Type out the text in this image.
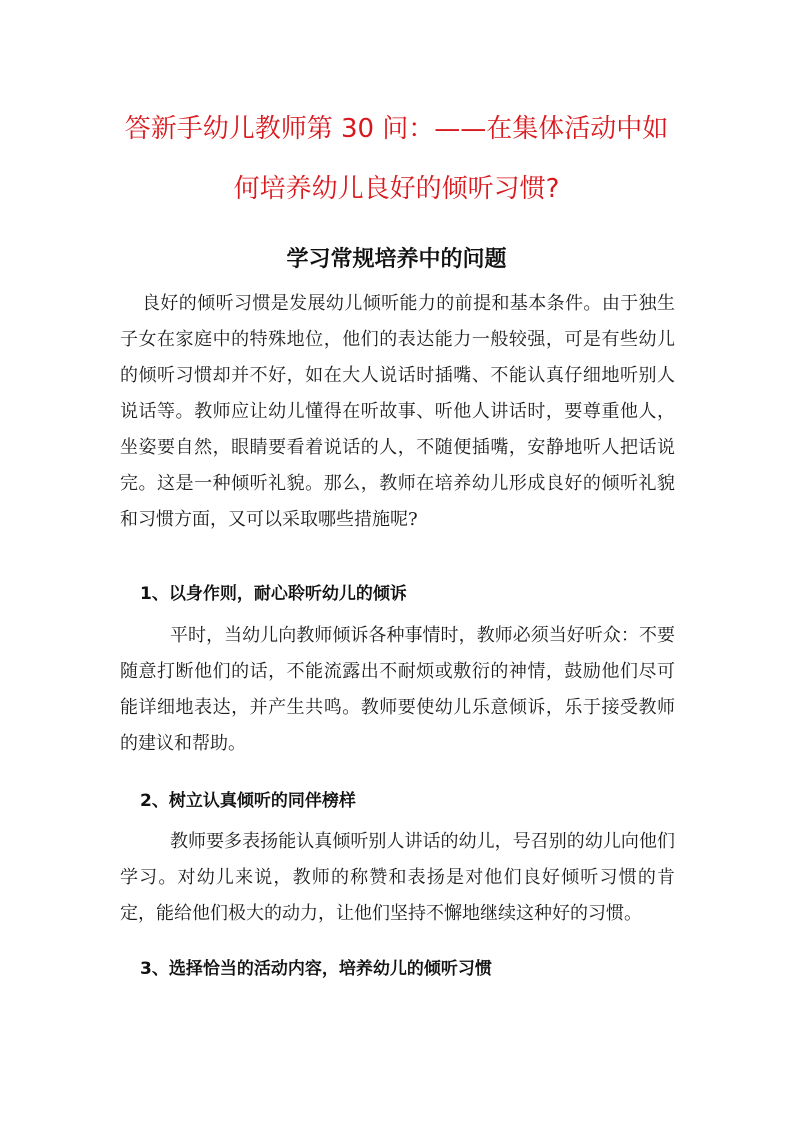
答新手幼儿教师第 30 问：——在集体活动中如
何培养幼儿良好的倾听习惯?
学习常规培养中的问题

良好的倾听习惯是发展幼儿倾听能力的前提和基本条件。由于独生子女在家庭中的特殊地位，他们的表达能力一般较强，可是有些幼儿的倾听习惯却并不好，如在大人说话时插嘴、不能认真仔细地听别人说话等。教师应让幼儿懂得在听故事、听他人讲话时，要尊重他人，坐姿要自然，眼睛要看着说话的人，不随便插嘴，安静地听人把话说完。这是一种倾听礼貌。那么，教师在培养幼儿形成良好的倾听礼貌和习惯方面，又可以采取哪些措施呢?

1、以身作则，耐心聆听幼儿的倾诉

平时，当幼儿向教师倾诉各种事情时，教师必须当好听众：不要随意打断他们的话，不能流露出不耐烦或敷衍的神情，鼓励他们尽可能详细地表达，并产生共鸣。教师要使幼儿乐意倾诉，乐于接受教师的建议和帮助。

2、树立认真倾听的同伴榜样

教师要多表扬能认真倾听别人讲话的幼儿，号召别的幼儿向他们学习。对幼儿来说，教师的称赞和表扬是对他们良好倾听习惯的肯定，能给他们极大的动力，让他们坚持不懈地继续这种好的习惯。

3、选择恰当的活动内容，培养幼儿的倾听习惯
